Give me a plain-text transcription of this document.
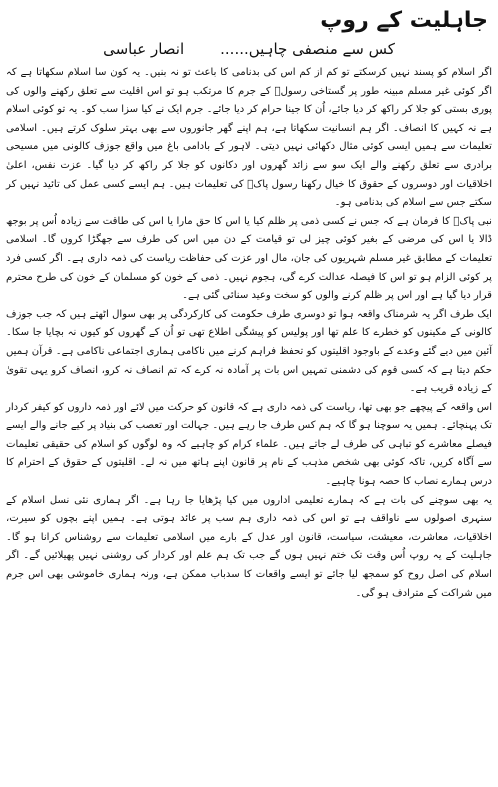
جاہلیت کے روپ
کس سے منصفی چاہیں......
انصار عباسی

اگر اسلام کو پسند نہیں کرسکتے تو کم از کم اس کی بدنامی کا باعث تو نہ بنیں۔ یہ کون سا اسلام سکھاتا ہے کہ اگر کوئی غیر مسلم مبینہ طور پر گستاخی رسولؐ کے جرم کا مرتکب ہو تو اس اقلیت سے تعلق رکھنے والوں کی پوری بستی کو جلا کر راکھ کر دیا جائے، اُن کا جینا حرام کر دیا جائے۔ جرم ایک نے کیا سزا سب کو۔ یہ تو کوئی اسلام ہے نہ کہیں کا انصاف۔ اگر ہم انسانیت سکھاتا ہے، ہم اپنے گھر جانوروں سے بھی بہتر سلوک کرتے ہیں۔ اسلامی تعلیمات سے ہمیں ایسی کوئی مثال دکھائی نہیں دیتی۔ لاہور کے بادامی باغ میں واقع جوزف کالونی میں مسیحی برادری سے تعلق رکھنے والے ایک سو سے زائد گھروں اور دکانوں کو جلا کر راکھ کر دیا گیا۔ عزت نفس، اعلیٰ اخلاقیات اور دوسروں کے حقوق کا خیال رکھنا رسول پاکؐ کی تعلیمات ہیں۔ ہم ایسے کسی عمل کی تائید نہیں کر سکتے جس سے اسلام کی بدنامی ہو۔

نبی پاکؐ کا فرمان ہے کہ جس نے کسی ذمی پر ظلم کیا یا اس کا حق مارا یا اس کی طاقت سے زیادہ اُس پر بوجھ ڈالا یا اس کی مرضی کے بغیر کوئی چیز لی تو قیامت کے دن میں اس کی طرف سے جھگڑا کروں گا۔ اسلامی تعلیمات کے مطابق غیر مسلم شہریوں کی جان، مال اور عزت کی حفاظت ریاست کی ذمہ داری ہے۔ اگر کسی فرد پر کوئی الزام ہو تو اس کا فیصلہ عدالت کرے گی، ہجوم نہیں۔ ذمی کے خون کو مسلمان کے خون کی طرح محترم قرار دیا گیا ہے اور اس پر ظلم کرنے والوں کو سخت وعید سنائی گئی ہے۔

ایک طرف اگر یہ شرمناک واقعہ ہوا تو دوسری طرف حکومت کی کارکردگی پر بھی سوال اٹھتے ہیں کہ جب جوزف کالونی کے مکینوں کو خطرے کا علم تھا اور پولیس کو پیشگی اطلاع تھی تو اُن کے گھروں کو کیوں نہ بچایا جا سکا۔ آئین میں دیے گئے وعدے کے باوجود اقلیتوں کو تحفظ فراہم کرنے میں ناکامی ہماری اجتماعی ناکامی ہے۔ قرآن ہمیں حکم دیتا ہے کہ کسی قوم کی دشمنی تمہیں اس بات پر آمادہ نہ کرے کہ تم انصاف نہ کرو، انصاف کرو یہی تقویٰ کے زیادہ قریب ہے۔

اس واقعہ کے پیچھے جو بھی تھا، ریاست کی ذمہ داری ہے کہ قانون کو حرکت میں لائے اور ذمہ داروں کو کیفر کردار تک پہنچائے۔ ہمیں یہ سوچنا ہو گا کہ ہم کس طرف جا رہے ہیں۔ جہالت اور تعصب کی بنیاد پر کیے جانے والے ایسے فیصلے معاشرے کو تباہی کی طرف لے جاتے ہیں۔ علماء کرام کو چاہیے کہ وہ لوگوں کو اسلام کی حقیقی تعلیمات سے آگاہ کریں، تاکہ کوئی بھی شخص مذہب کے نام پر قانون اپنے ہاتھ میں نہ لے۔ اقلیتوں کے حقوق کے احترام کا درس ہمارے نصاب کا حصہ ہونا چاہیے۔

یہ بھی سوچنے کی بات ہے کہ ہمارے تعلیمی اداروں میں کیا پڑھایا جا رہا ہے۔ اگر ہماری نئی نسل اسلام کے سنہری اصولوں سے ناواقف ہے تو اس کی ذمہ داری ہم سب پر عائد ہوتی ہے۔ ہمیں اپنے بچوں کو سیرت، اخلاقیات، معاشرت، معیشت، سیاست، قانون اور عدل کے بارے میں اسلامی تعلیمات سے روشناس کرانا ہو گا۔ جاہلیت کے یہ روپ اُس وقت تک ختم نہیں ہوں گے جب تک ہم علم اور کردار کی روشنی نہیں پھیلائیں گے۔ اگر اسلام کی اصل روح کو سمجھ لیا جائے تو ایسے واقعات کا سدباب ممکن ہے، ورنہ ہماری خاموشی بھی اس جرم میں شراکت کے مترادف ہو گی۔
